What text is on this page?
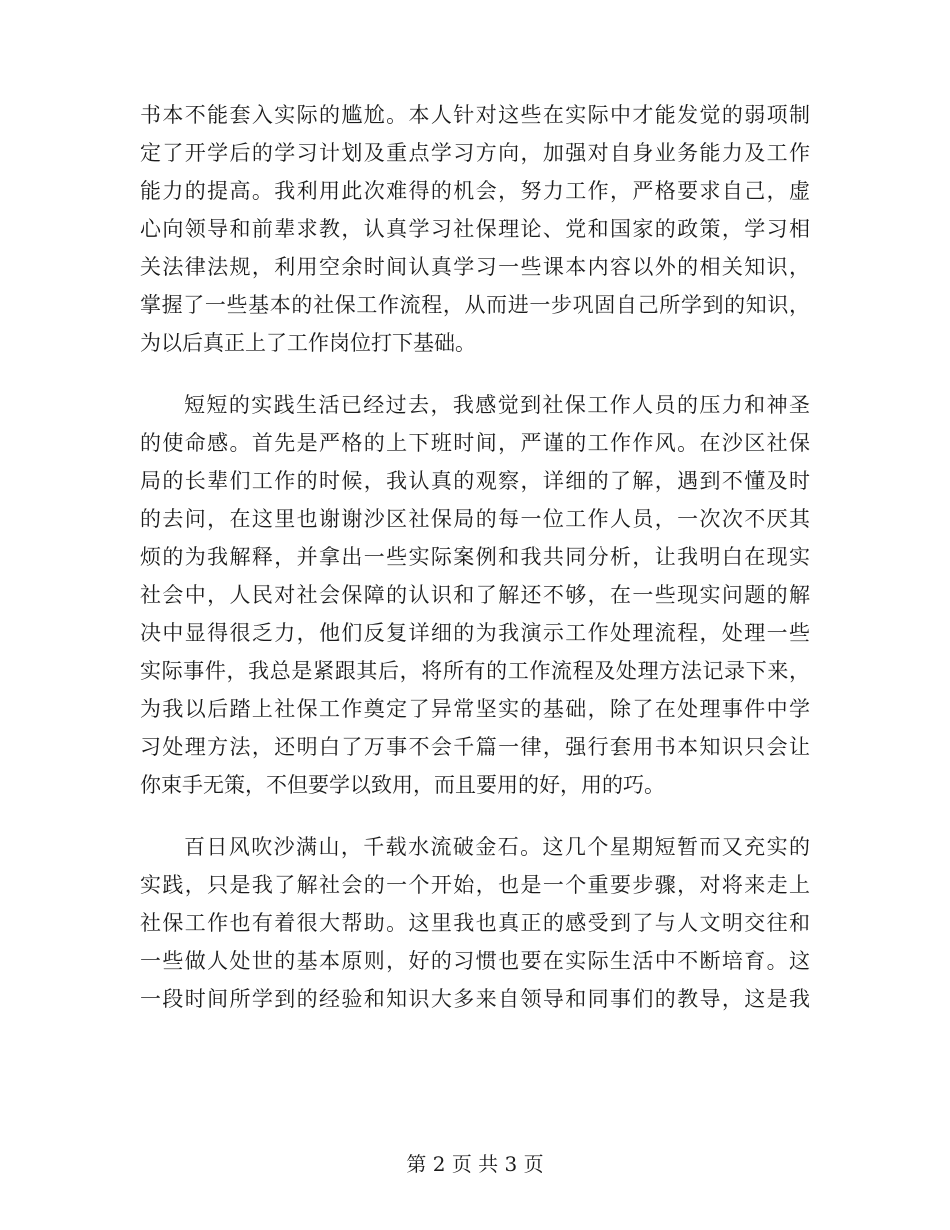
书本不能套入实际的尴尬。本人针对这些在实际中才能发觉的弱项制
定了开学后的学习计划及重点学习方向，加强对自身业务能力及工作
能力的提高。我利用此次难得的机会，努力工作，严格要求自己，虚
心向领导和前辈求教，认真学习社保理论、党和国家的政策，学习相
关法律法规，利用空余时间认真学习一些课本内容以外的相关知识，
掌握了一些基本的社保工作流程，从而进一步巩固自己所学到的知识，
为以后真正上了工作岗位打下基础。
短短的实践生活已经过去，我感觉到社保工作人员的压力和神圣
的使命感。首先是严格的上下班时间，严谨的工作作风。在沙区社保
局的长辈们工作的时候，我认真的观察，详细的了解，遇到不懂及时
的去问，在这里也谢谢沙区社保局的每一位工作人员，一次次不厌其
烦的为我解释，并拿出一些实际案例和我共同分析，让我明白在现实
社会中，人民对社会保障的认识和了解还不够，在一些现实问题的解
决中显得很乏力，他们反复详细的为我演示工作处理流程，处理一些
实际事件，我总是紧跟其后，将所有的工作流程及处理方法记录下来，
为我以后踏上社保工作奠定了异常坚实的基础，除了在处理事件中学
习处理方法，还明白了万事不会千篇一律，强行套用书本知识只会让
你束手无策，不但要学以致用，而且要用的好，用的巧。
百日风吹沙满山，千载水流破金石。这几个星期短暂而又充实的
实践，只是我了解社会的一个开始，也是一个重要步骤，对将来走上
社保工作也有着很大帮助。这里我也真正的感受到了与人文明交往和
一些做人处世的基本原则，好的习惯也要在实际生活中不断培育。这
一段时间所学到的经验和知识大多来自领导和同事们的教导，这是我
第 2 页 共 3 页
